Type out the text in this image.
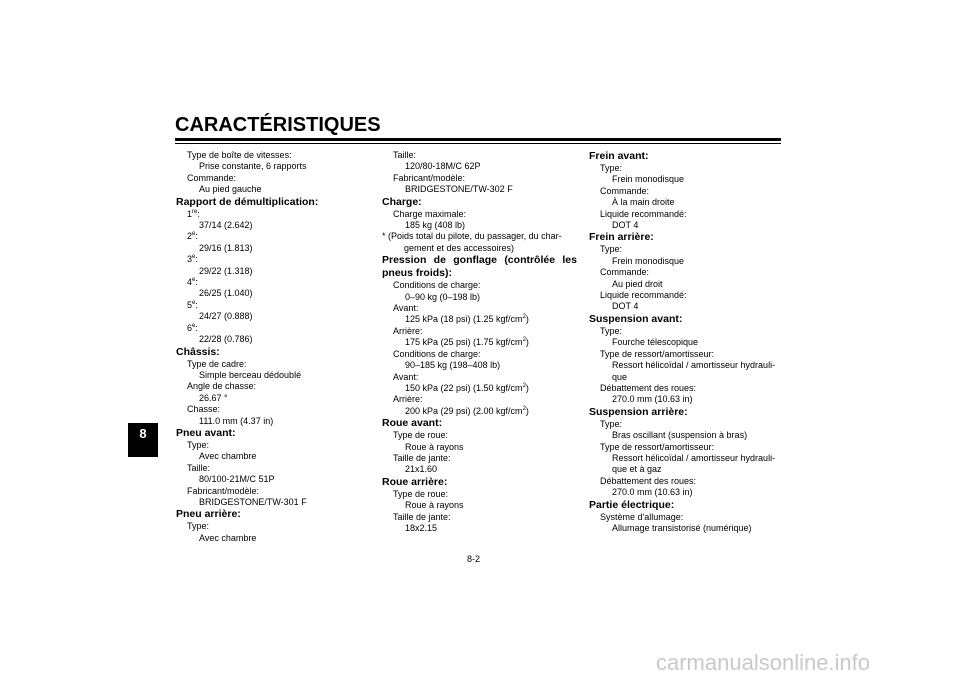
CARACTÉRISTIQUES
8
Type de boîte de vitesses:
Prise constante, 6 rapports
Commande:
Au pied gauche
Rapport de démultiplication:
1re:
37/14 (2.642)
2e:
29/16 (1.813)
3e:
29/22 (1.318)
4e:
26/25 (1.040)
5e:
24/27 (0.888)
6e:
22/28 (0.786)
Châssis:
Type de cadre:
Simple berceau dédoublé
Angle de chasse:
26.67 °
Chasse:
111.0 mm (4.37 in)
Pneu avant:
Type:
Avec chambre
Taille:
80/100-21M/C 51P
Fabricant/modèle:
BRIDGESTONE/TW-301 F
Pneu arrière:
Type:
Avec chambre
Taille:
120/80-18M/C 62P
Fabricant/modèle:
BRIDGESTONE/TW-302 F
Charge:
Charge maximale:
185 kg (408 lb)
* (Poids total du pilote, du passager, du char-
gement et des accessoires)
Pression de gonflage (contrôlée les pneus froids):
Conditions de charge:
0–90 kg (0–198 lb)
Avant:
125 kPa (18 psi) (1.25 kgf/$cm^2$)
Arrière:
175 kPa (25 psi) (1.75 kgf/$cm^2$)
Conditions de charge:
90–185 kg (198–408 lb)
Avant:
150 kPa (22 psi) (1.50 kgf/$cm^2$)
Arrière:
200 kPa (29 psi) (2.00 kgf/$cm^2$)
Roue avant:
Type de roue:
Roue à rayons
Taille de jante:
21x1.60
Roue arrière:
Type de roue:
Roue à rayons
Taille de jante:
18x2.15
Frein avant:
Type:
Frein monodisque
Commande:
À la main droite
Liquide recommandé:
DOT 4
Frein arrière:
Type:
Frein monodisque
Commande:
Au pied droit
Liquide recommandé:
DOT 4
Suspension avant:
Type:
Fourche télescopique
Type de ressort/amortisseur:
Ressort hélicoïdal / amortisseur hydrauli-
que
Débattement des roues:
270.0 mm (10.63 in)
Suspension arrière:
Type:
Bras oscillant (suspension à bras)
Type de ressort/amortisseur:
Ressort hélicoïdal / amortisseur hydrauli-
que et à gaz
Débattement des roues:
270.0 mm (10.63 in)
Partie électrique:
Système d'allumage:
Allumage transistorisé (numérique)
8-2
carmanualsonline.info
